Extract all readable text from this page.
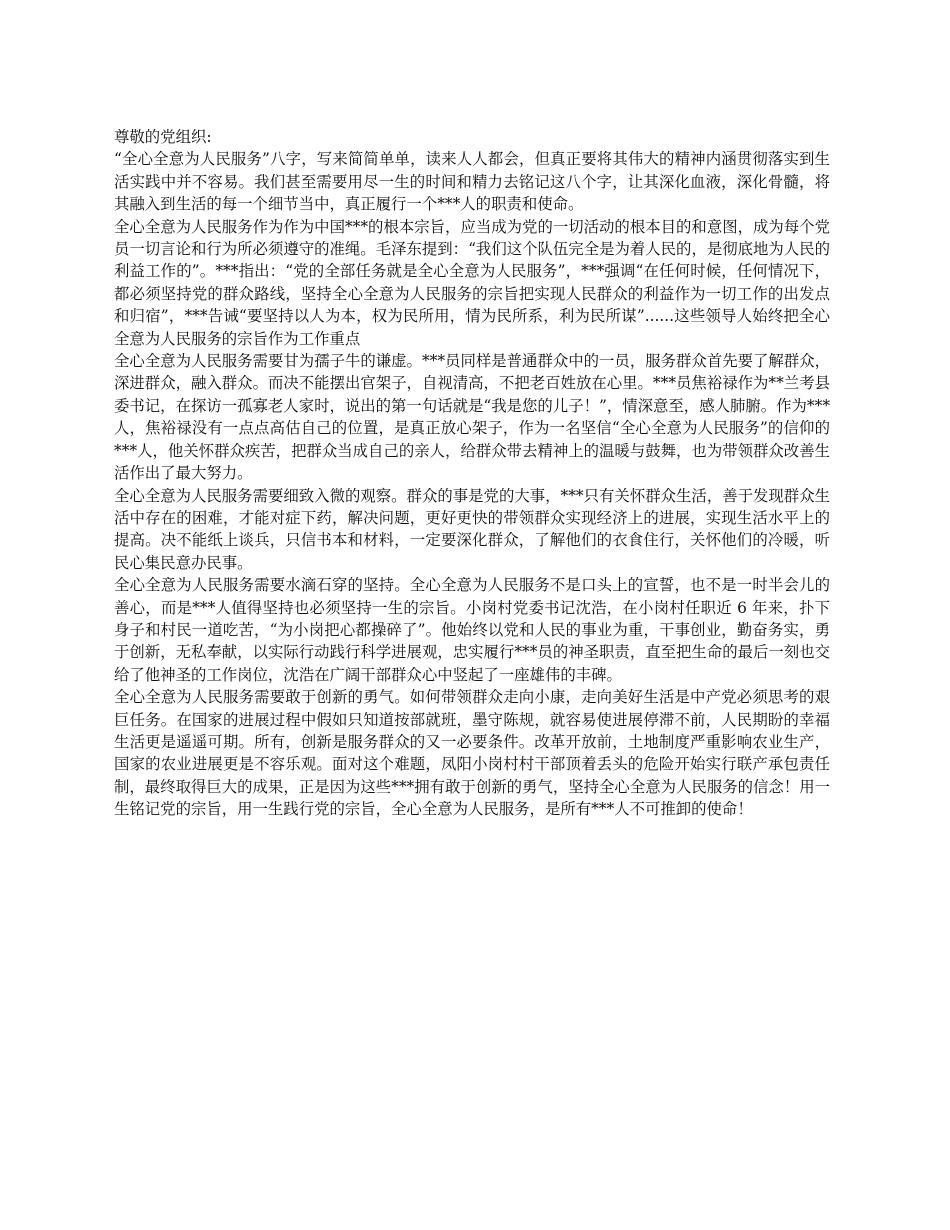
尊敬的党组织:

“全心全意为人民服务”八字，写来简简单单，读来人人都会，但真正要将其伟大的精神内涵贯彻落实到生活实践中并不容易。我们甚至需要用尽一生的时间和精力去铭记这八个字，让其深化血液，深化骨髓，将其融入到生活的每一个细节当中，真正履行一个***人的职责和使命。

全心全意为人民服务作为作为中国***的根本宗旨，应当成为党的一切活动的根本目的和意图，成为每个党员一切言论和行为所必须遵守的准绳。毛泽东提到：“我们这个队伍完全是为着人民的，是彻底地为人民的利益工作的”。***指出：“党的全部任务就是全心全意为人民服务”，***强调“在任何时候，任何情况下，都必须坚持党的群众路线，坚持全心全意为人民服务的宗旨把实现人民群众的利益作为一切工作的出发点和归宿”，***告诫“要坚持以人为本，权为民所用，情为民所系，利为民所谋”......这些领导人始终把全心全意为人民服务的宗旨作为工作重点

全心全意为人民服务需要甘为孺子牛的谦虚。***员同样是普通群众中的一员，服务群众首先要了解群众，深进群众，融入群众。而决不能摆出官架子，自视清高，不把老百姓放在心里。***员焦裕禄作为**兰考县委书记，在探访一孤寡老人家时，说出的第一句话就是“我是您的儿子！”，情深意至，感人肺腑。作为***人，焦裕禄没有一点点高估自己的位置，是真正放心架子，作为一名坚信“全心全意为人民服务”的信仰的***人，他关怀群众疾苦，把群众当成自己的亲人，给群众带去精神上的温暖与鼓舞，也为带领群众改善生活作出了最大努力。

全心全意为人民服务需要细致入微的观察。群众的事是党的大事，***只有关怀群众生活，善于发现群众生活中存在的困难，才能对症下药，解决问题，更好更快的带领群众实现经济上的进展，实现生活水平上的提高。决不能纸上谈兵，只信书本和材料，一定要深化群众，了解他们的衣食住行，关怀他们的冷暖，听民心集民意办民事。

全心全意为人民服务需要水滴石穿的坚持。全心全意为人民服务不是口头上的宣誓，也不是一时半会儿的善心，而是***人值得坚持也必须坚持一生的宗旨。小岗村党委书记沈浩，在小岗村任职近 6 年来，扑下身子和村民一道吃苦，“为小岗把心都操碎了”。他始终以党和人民的事业为重，干事创业，勤奋务实，勇于创新，无私奉献，以实际行动践行科学进展观，忠实履行***员的神圣职责，直至把生命的最后一刻也交给了他神圣的工作岗位，沈浩在广阔干部群众心中竖起了一座雄伟的丰碑。

全心全意为人民服务需要敢于创新的勇气。如何带领群众走向小康，走向美好生活是中产党必须思考的艰巨任务。在国家的进展过程中假如只知道按部就班，墨守陈规，就容易使进展停滞不前，人民期盼的幸福生活更是遥遥可期。所有，创新是服务群众的又一必要条件。改革开放前，土地制度严重影响农业生产，国家的农业进展更是不容乐观。面对这个难题，凤阳小岗村村干部顶着丢头的危险开始实行联产承包责任制，最终取得巨大的成果，正是因为这些***拥有敢于创新的勇气，坚持全心全意为人民服务的信念！用一生铭记党的宗旨，用一生践行党的宗旨，全心全意为人民服务，是所有***人不可推卸的使命！
